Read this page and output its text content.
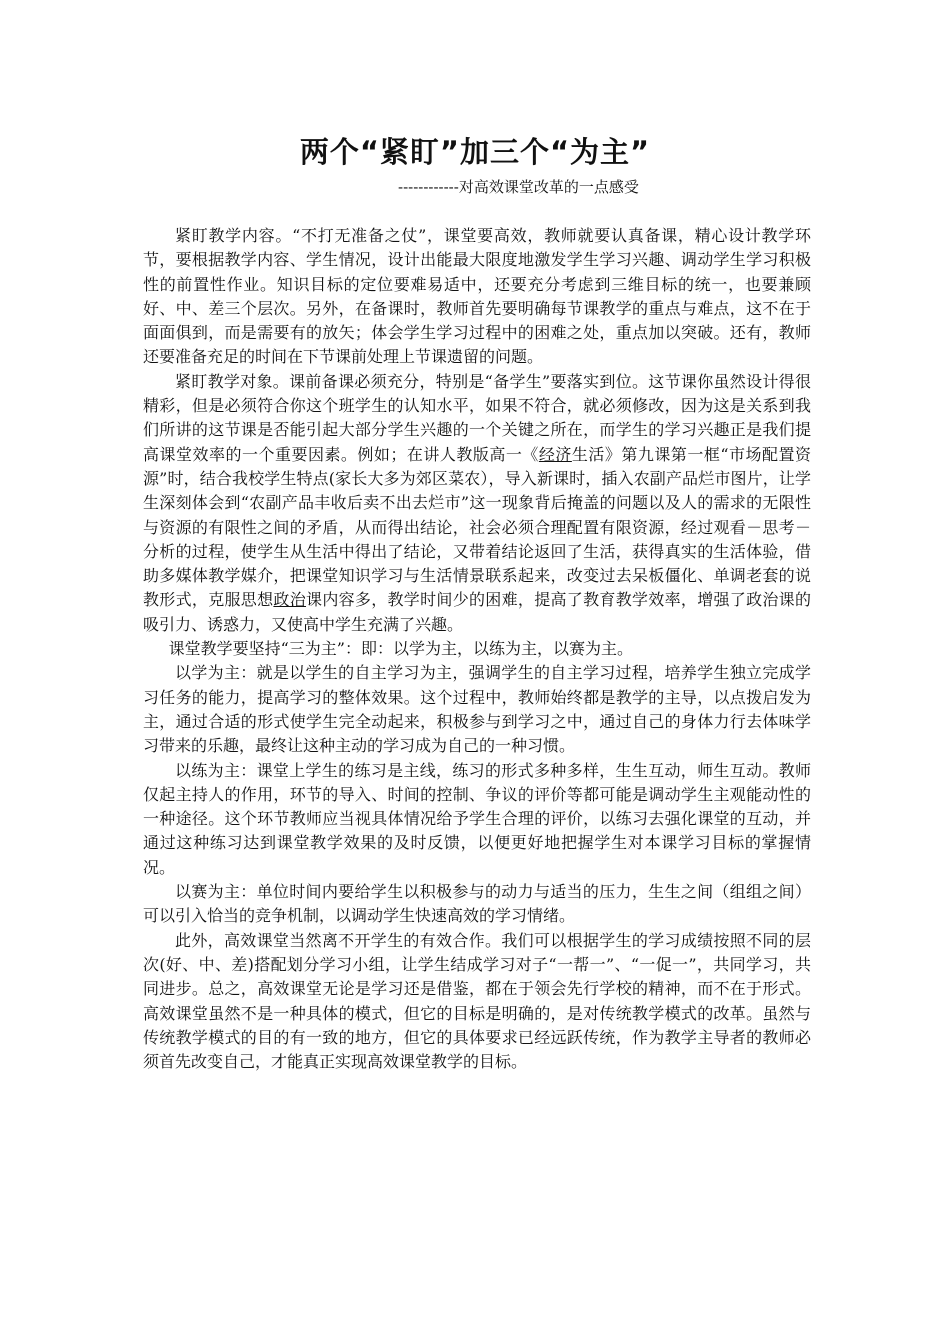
两个“紧盯”加三个“为主”
------------对高效课堂改革的一点感受

紧盯教学内容。“不打无准备之仗”，课堂要高效，教师就要认真备课，精心设计教学环节，要根据教学内容、学生情况，设计出能最大限度地激发学生学习兴趣、调动学生学习积极性的前置性作业。知识目标的定位要难易适中，还要充分考虑到三维目标的统一，也要兼顾好、中、差三个层次。另外，在备课时，教师首先要明确每节课教学的重点与难点，这不在于面面俱到，而是需要有的放矢；体会学生学习过程中的困难之处，重点加以突破。还有，教师还要准备充足的时间在下节课前处理上节课遗留的问题。

紧盯教学对象。课前备课必须充分，特别是“备学生”要落实到位。这节课你虽然设计得很精彩，但是必须符合你这个班学生的认知水平，如果不符合，就必须修改，因为这是关系到我们所讲的这节课是否能引起大部分学生兴趣的一个关键之所在，而学生的学习兴趣正是我们提高课堂效率的一个重要因素。例如；在讲人教版高一《经济生活》第九课第一框“市场配置资源”时，结合我校学生特点(家长大多为郊区菜农），导入新课时，插入农副产品烂市图片，让学生深刻体会到“农副产品丰收后卖不出去烂市”这一现象背后掩盖的问题以及人的需求的无限性与资源的有限性之间的矛盾，从而得出结论，社会必须合理配置有限资源，经过观看－思考－分析的过程，使学生从生活中得出了结论，又带着结论返回了生活，获得真实的生活体验，借助多媒体教学媒介，把课堂知识学习与生活情景联系起来，改变过去呆板僵化、单调老套的说教形式，克服思想政治课内容多，教学时间少的困难，提高了教育教学效率，增强了政治课的吸引力、诱惑力，又使高中学生充满了兴趣。

课堂教学要坚持“三为主”：即：以学为主，以练为主，以赛为主。

以学为主：就是以学生的自主学习为主，强调学生的自主学习过程，培养学生独立完成学习任务的能力，提高学习的整体效果。这个过程中，教师始终都是教学的主导，以点拨启发为主，通过合适的形式使学生完全动起来，积极参与到学习之中，通过自己的身体力行去体味学习带来的乐趣，最终让这种主动的学习成为自己的一种习惯。

以练为主：课堂上学生的练习是主线，练习的形式多种多样，生生互动，师生互动。教师仅起主持人的作用，环节的导入、时间的控制、争议的评价等都可能是调动学生主观能动性的一种途径。这个环节教师应当视具体情况给予学生合理的评价，以练习去强化课堂的互动，并通过这种练习达到课堂教学效果的及时反馈，以便更好地把握学生对本课学习目标的掌握情况。

以赛为主：单位时间内要给学生以积极参与的动力与适当的压力，生生之间（组组之间）可以引入恰当的竞争机制，以调动学生快速高效的学习情绪。

此外，高效课堂当然离不开学生的有效合作。我们可以根据学生的学习成绩按照不同的层次(好、中、差)搭配划分学习小组，让学生结成学习对子“一帮一”、“一促一”，共同学习，共同进步。总之，高效课堂无论是学习还是借鉴，都在于领会先行学校的精神，而不在于形式。高效课堂虽然不是一种具体的模式，但它的目标是明确的，是对传统教学模式的改革。虽然与传统教学模式的目的有一致的地方，但它的具体要求已经远跃传统，作为教学主导者的教师必须首先改变自己，才能真正实现高效课堂教学的目标。
